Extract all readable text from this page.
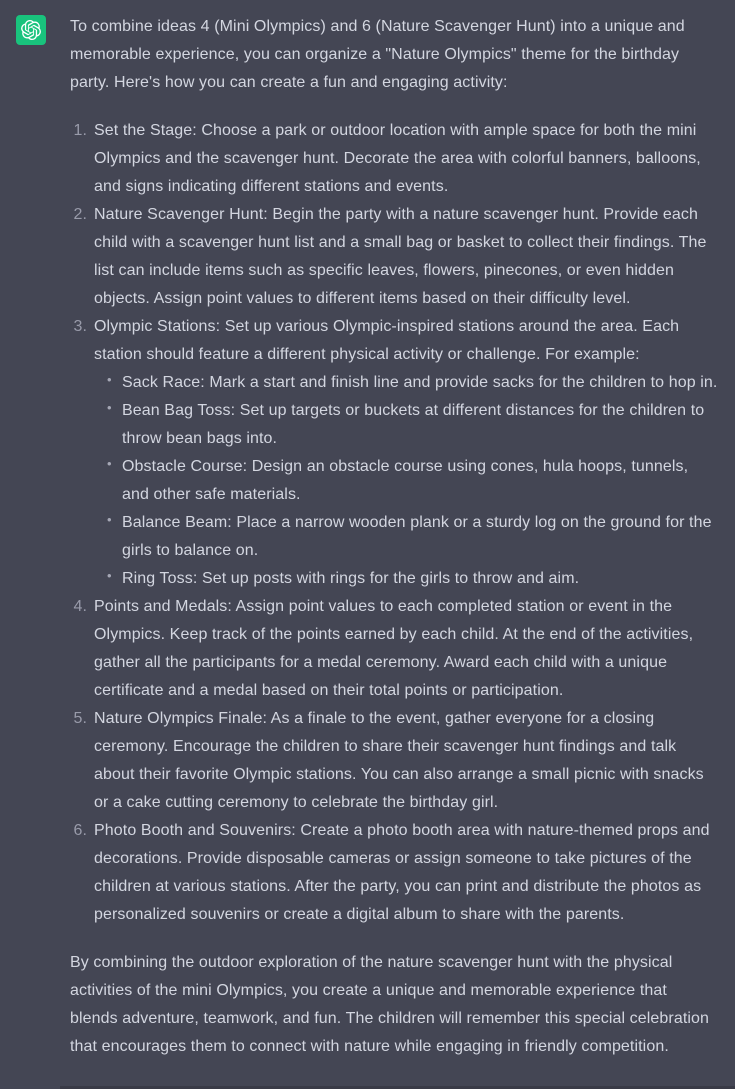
To combine ideas 4 (Mini Olympics) and 6 (Nature Scavenger Hunt) into a unique and memorable experience, you can organize a "Nature Olympics" theme for the birthday party. Here's how you can create a fun and engaging activity:

1. Set the Stage: Choose a park or outdoor location with ample space for both the mini Olympics and the scavenger hunt. Decorate the area with colorful banners, balloons, and signs indicating different stations and events.
2. Nature Scavenger Hunt: Begin the party with a nature scavenger hunt. Provide each child with a scavenger hunt list and a small bag or basket to collect their findings. The list can include items such as specific leaves, flowers, pinecones, or even hidden objects. Assign point values to different items based on their difficulty level.
3. Olympic Stations: Set up various Olympic-inspired stations around the area. Each station should feature a different physical activity or challenge. For example:
• Sack Race: Mark a start and finish line and provide sacks for the children to hop in.
• Bean Bag Toss: Set up targets or buckets at different distances for the children to throw bean bags into.
• Obstacle Course: Design an obstacle course using cones, hula hoops, tunnels, and other safe materials.
• Balance Beam: Place a narrow wooden plank or a sturdy log on the ground for the girls to balance on.
• Ring Toss: Set up posts with rings for the girls to throw and aim.
4. Points and Medals: Assign point values to each completed station or event in the Olympics. Keep track of the points earned by each child. At the end of the activities, gather all the participants for a medal ceremony. Award each child with a unique certificate and a medal based on their total points or participation.
5. Nature Olympics Finale: As a finale to the event, gather everyone for a closing ceremony. Encourage the children to share their scavenger hunt findings and talk about their favorite Olympic stations. You can also arrange a small picnic with snacks or a cake cutting ceremony to celebrate the birthday girl.
6. Photo Booth and Souvenirs: Create a photo booth area with nature-themed props and decorations. Provide disposable cameras or assign someone to take pictures of the children at various stations. After the party, you can print and distribute the photos as personalized souvenirs or create a digital album to share with the parents.

By combining the outdoor exploration of the nature scavenger hunt with the physical activities of the mini Olympics, you create a unique and memorable experience that blends adventure, teamwork, and fun. The children will remember this special celebration that encourages them to connect with nature while engaging in friendly competition.
